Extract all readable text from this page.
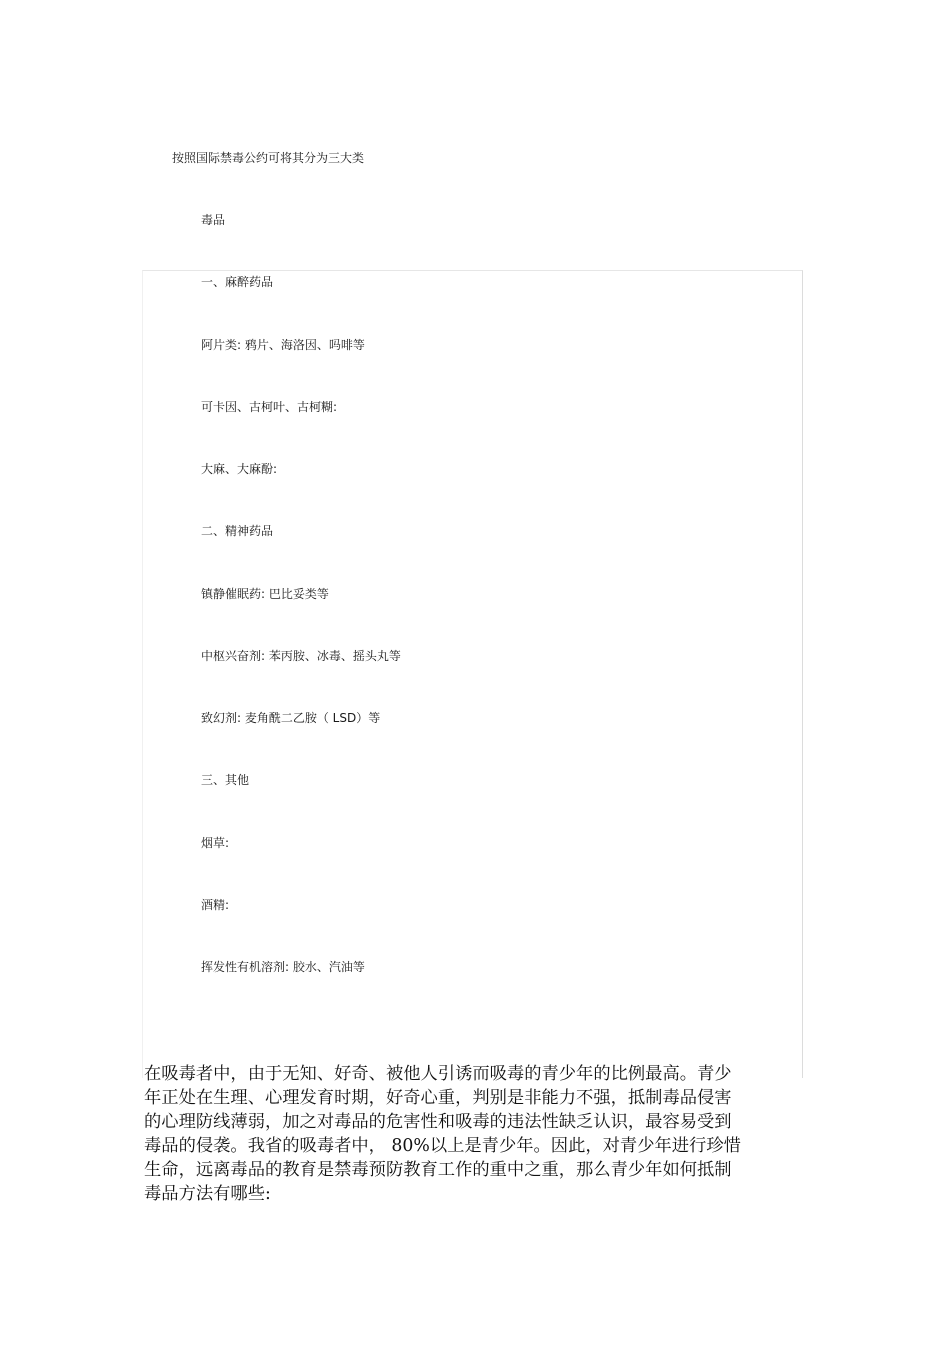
按照国际禁毒公约可将其分为三大类
毒品
一、麻醉药品
阿片类: 鸦片、海洛因、吗啡等
可卡因、古柯叶、古柯糊:
大麻、大麻酚:
二、精神药品
镇静催眠药: 巴比妥类等
中枢兴奋剂: 苯丙胺、冰毒、摇头丸等
致幻剂: 麦角酰二乙胺（ LSD）等
三、其他
烟草:
酒精:
挥发性有机溶剂: 胶水、汽油等
在吸毒者中，由于无知、好奇、被他人引诱而吸毒的青少年的比例最高。青少
年正处在生理、心理发育时期，好奇心重，判别是非能力不强，抵制毒品侵害
的心理防线薄弱，加之对毒品的危害性和吸毒的违法性缺乏认识，最容易受到
毒品的侵袭。我省的吸毒者中， 80%以上是青少年。因此，对青少年进行珍惜
生命，远离毒品的教育是禁毒预防教育工作的重中之重，那么青少年如何抵制
毒品方法有哪些:
